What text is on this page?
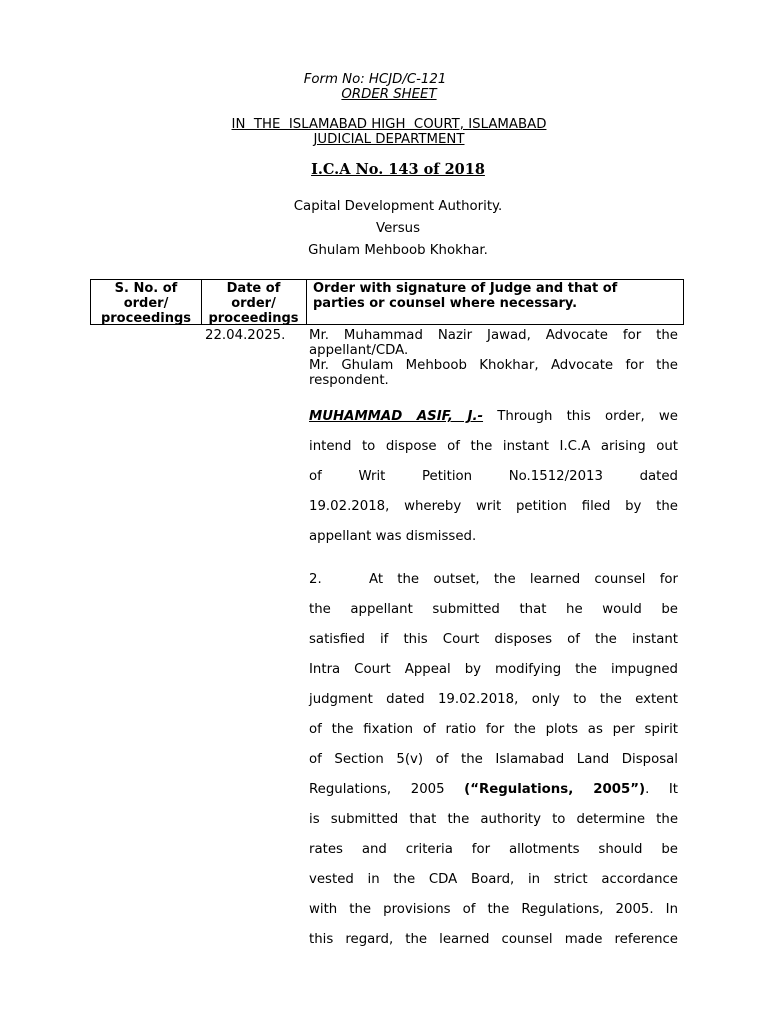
Form No: HCJD/C-121
ORDER SHEET
IN  THE  ISLAMABAD HIGH  COURT, ISLAMABAD
JUDICIAL DEPARTMENT
I.C.A No. 143 of 2018
Capital Development Authority.
Versus
Ghulam Mehboob Khokhar.
S. No. of
order/
proceedings
Date of
order/
proceedings
Order with signature of Judge and that of
parties or counsel where necessary.
22.04.2025. Mr. Muhammad Nazir Jawad, Advocate for the

appellant/CDA.

Mr. Ghulam Mehboob Khokhar, Advocate for the

respondent.

MUHAMMAD ASIF, J.- Through this order, we
intend to dispose of the instant I.C.A arising out
of Writ Petition No.1512/2013 dated
19.02.2018, whereby writ petition filed by the
appellant was dismissed.
2.	At the outset, the learned counsel for
the appellant submitted that he would be
satisfied if this Court disposes of the instant
Intra Court Appeal by modifying the impugned
judgment dated 19.02.2018, only to the extent
of the fixation of ratio for the plots as per spirit
of Section 5(v) of the Islamabad Land Disposal
Regulations, 2005 (“Regulations, 2005”). It
is submitted that the authority to determine the
rates and criteria for allotments should be
vested in the CDA Board, in strict accordance
with the provisions of the Regulations, 2005. In
this regard, the learned counsel made reference
